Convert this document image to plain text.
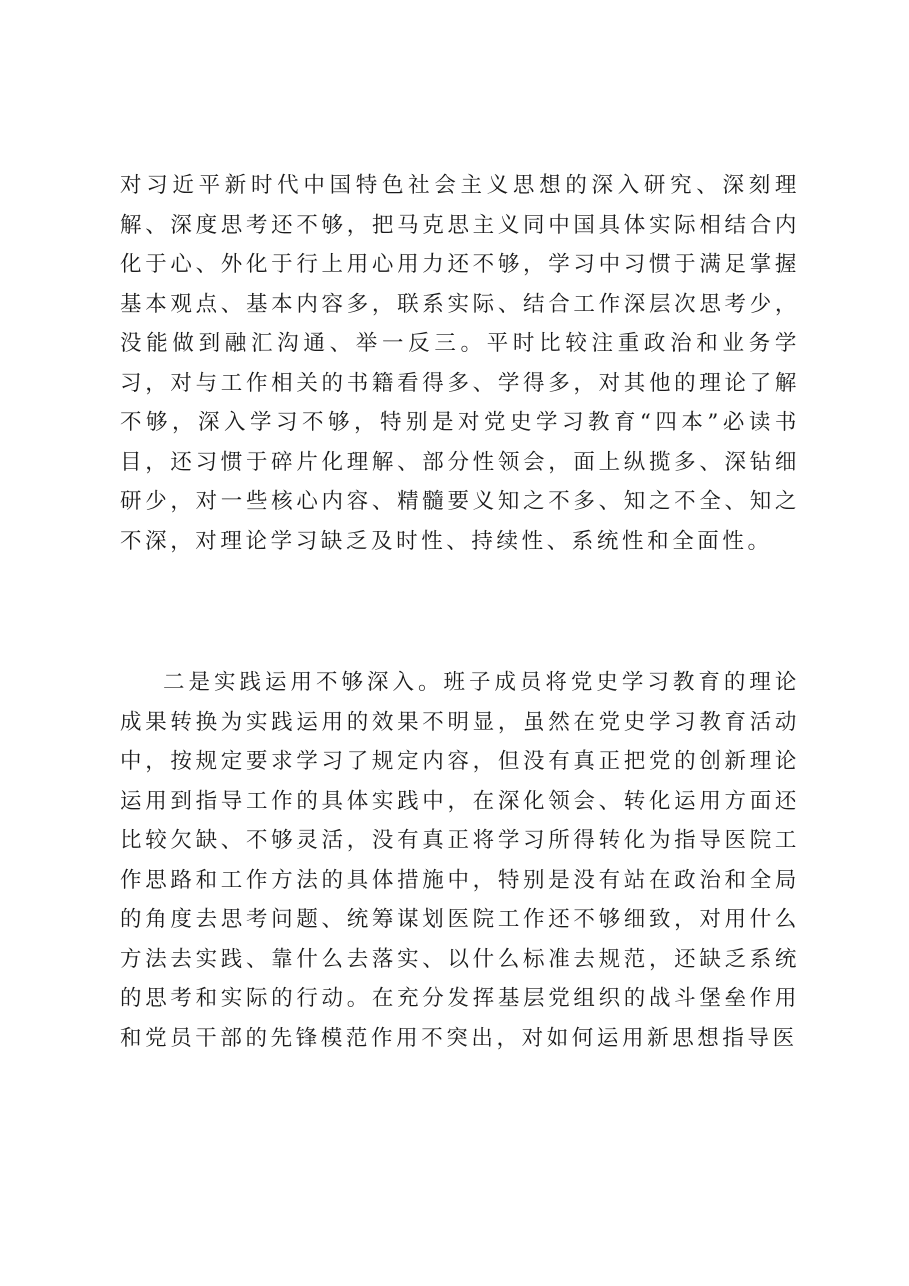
对习近平新时代中国特色社会主义思想的深入研究、深刻理解、深度思考还不够，把马克思主义同中国具体实际相结合内化于心、外化于行上用心用力还不够，学习中习惯于满足掌握基本观点、基本内容多，联系实际、结合工作深层次思考少，没能做到融汇沟通、举一反三。平时比较注重政治和业务学习，对与工作相关的书籍看得多、学得多，对其他的理论了解不够，深入学习不够，特别是对党史学习教育“四本”必读书目，还习惯于碎片化理解、部分性领会，面上纵揽多、深钻细研少，对一些核心内容、精髓要义知之不多、知之不全、知之不深，对理论学习缺乏及时性、持续性、系统性和全面性。

二是实践运用不够深入。班子成员将党史学习教育的理论成果转换为实践运用的效果不明显，虽然在党史学习教育活动中，按规定要求学习了规定内容，但没有真正把党的创新理论运用到指导工作的具体实践中，在深化领会、转化运用方面还比较欠缺、不够灵活，没有真正将学习所得转化为指导医院工作思路和工作方法的具体措施中，特别是没有站在政治和全局的角度去思考问题、统筹谋划医院工作还不够细致，对用什么方法去实践、靠什么去落实、以什么标准去规范，还缺乏系统的思考和实际的行动。在充分发挥基层党组织的战斗堡垒作用和党员干部的先锋模范作用不突出，对如何运用新思想指导医
